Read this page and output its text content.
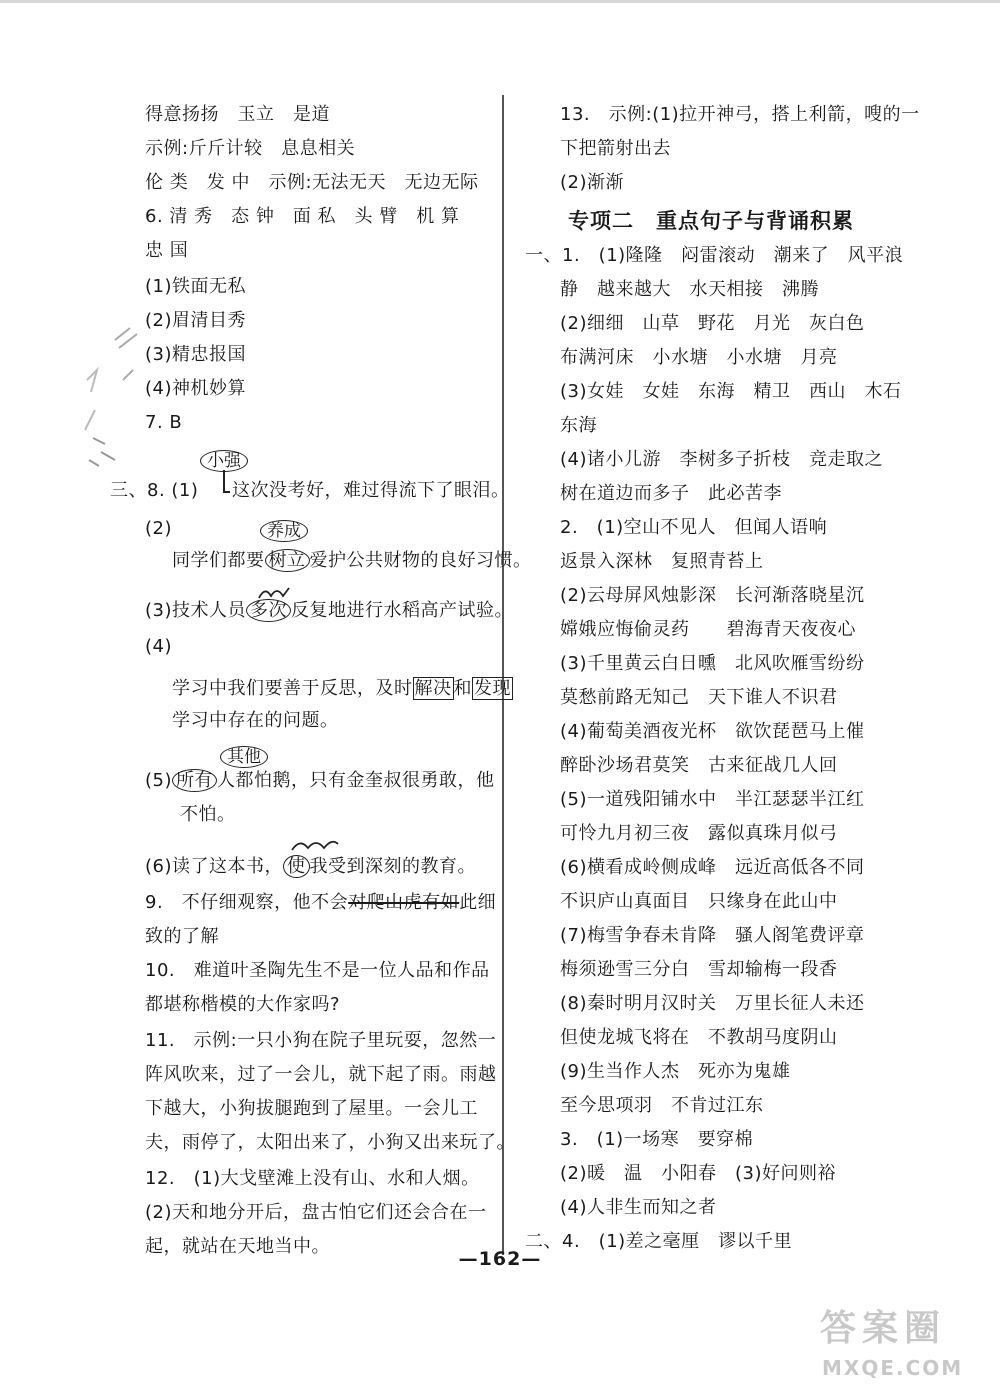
得意扬扬　玉立　是道
示例:斤斤计较　息息相关
伦 类　发 中　示例:无法无天　无边无际
6. 清 秀　态 钟　面 私　头 臂　机 算
忠 国
(1)铁面无私
(2)眉清目秀
(3)精忠报国
(4)神机妙算
7. B
小强
三、8. (1) 这次没考好，难过得流下了眼泪。
(2)	养成
同学们都要 树立 爱护公共财物的良好习惯。
(3)技术人员 多次 反复地进行水稻高产试验。
(4)
学习中我们要善于反思，及时 解决 和 发现
学习中存在的问题。
其他
(5) 所有 人都怕鹅，只有金奎叔很勇敢，他
不怕。
(6)读了这本书， 使 我受到深刻的教育。
9.　不仔细观察，他不会对爬山虎有如此细
致的了解
10.　难道叶圣陶先生不是一位人品和作品
都堪称楷模的大作家吗?
11.　示例:一只小狗在院子里玩耍，忽然一
阵风吹来，过了一会儿，就下起了雨。雨越
下越大，小狗拔腿跑到了屋里。一会儿工
夫，雨停了，太阳出来了，小狗又出来玩了。
12.　(1)大戈壁滩上没有山、水和人烟。
(2)天和地分开后，盘古怕它们还会合在一
起，就站在天地当中。
13.　示例:(1)拉开神弓，搭上利箭，嗖的一
下把箭射出去
(2)渐渐
专项二　重点句子与背诵积累
一、1.　(1)隆隆　闷雷滚动　潮来了　风平浪
静　越来越大　水天相接　沸腾
(2)细细　山草　野花　月光　灰白色
布满河床　小水塘　小水塘　月亮
(3)女娃　女娃　东海　精卫　西山　木石
东海
(4)诸小儿游　李树多子折枝　竞走取之
树在道边而多子　此必苦李
2.　(1)空山不见人　但闻人语响
返景入深林　复照青苔上
(2)云母屏风烛影深　长河渐落晓星沉
嫦娥应悔偷灵药　　碧海青天夜夜心
(3)千里黄云白日曛　北风吹雁雪纷纷
莫愁前路无知己　天下谁人不识君
(4)葡萄美酒夜光杯　欲饮琵琶马上催
醉卧沙场君莫笑　古来征战几人回
(5)一道残阳铺水中　半江瑟瑟半江红
可怜九月初三夜　露似真珠月似弓
(6)横看成岭侧成峰　远近高低各不同
不识庐山真面目　只缘身在此山中
(7)梅雪争春未肯降　骚人阁笔费评章
梅须逊雪三分白　雪却输梅一段香
(8)秦时明月汉时关　万里长征人未还
但使龙城飞将在　不教胡马度阴山
(9)生当作人杰　死亦为鬼雄
至今思项羽　不肯过江东
3.　(1)一场寒　要穿棉
(2)暖　温　小阳春　(3)好问则裕
(4)人非生而知之者
二、4.　(1)差之毫厘　谬以千里
—162—
答案圈
MXQE.COM
